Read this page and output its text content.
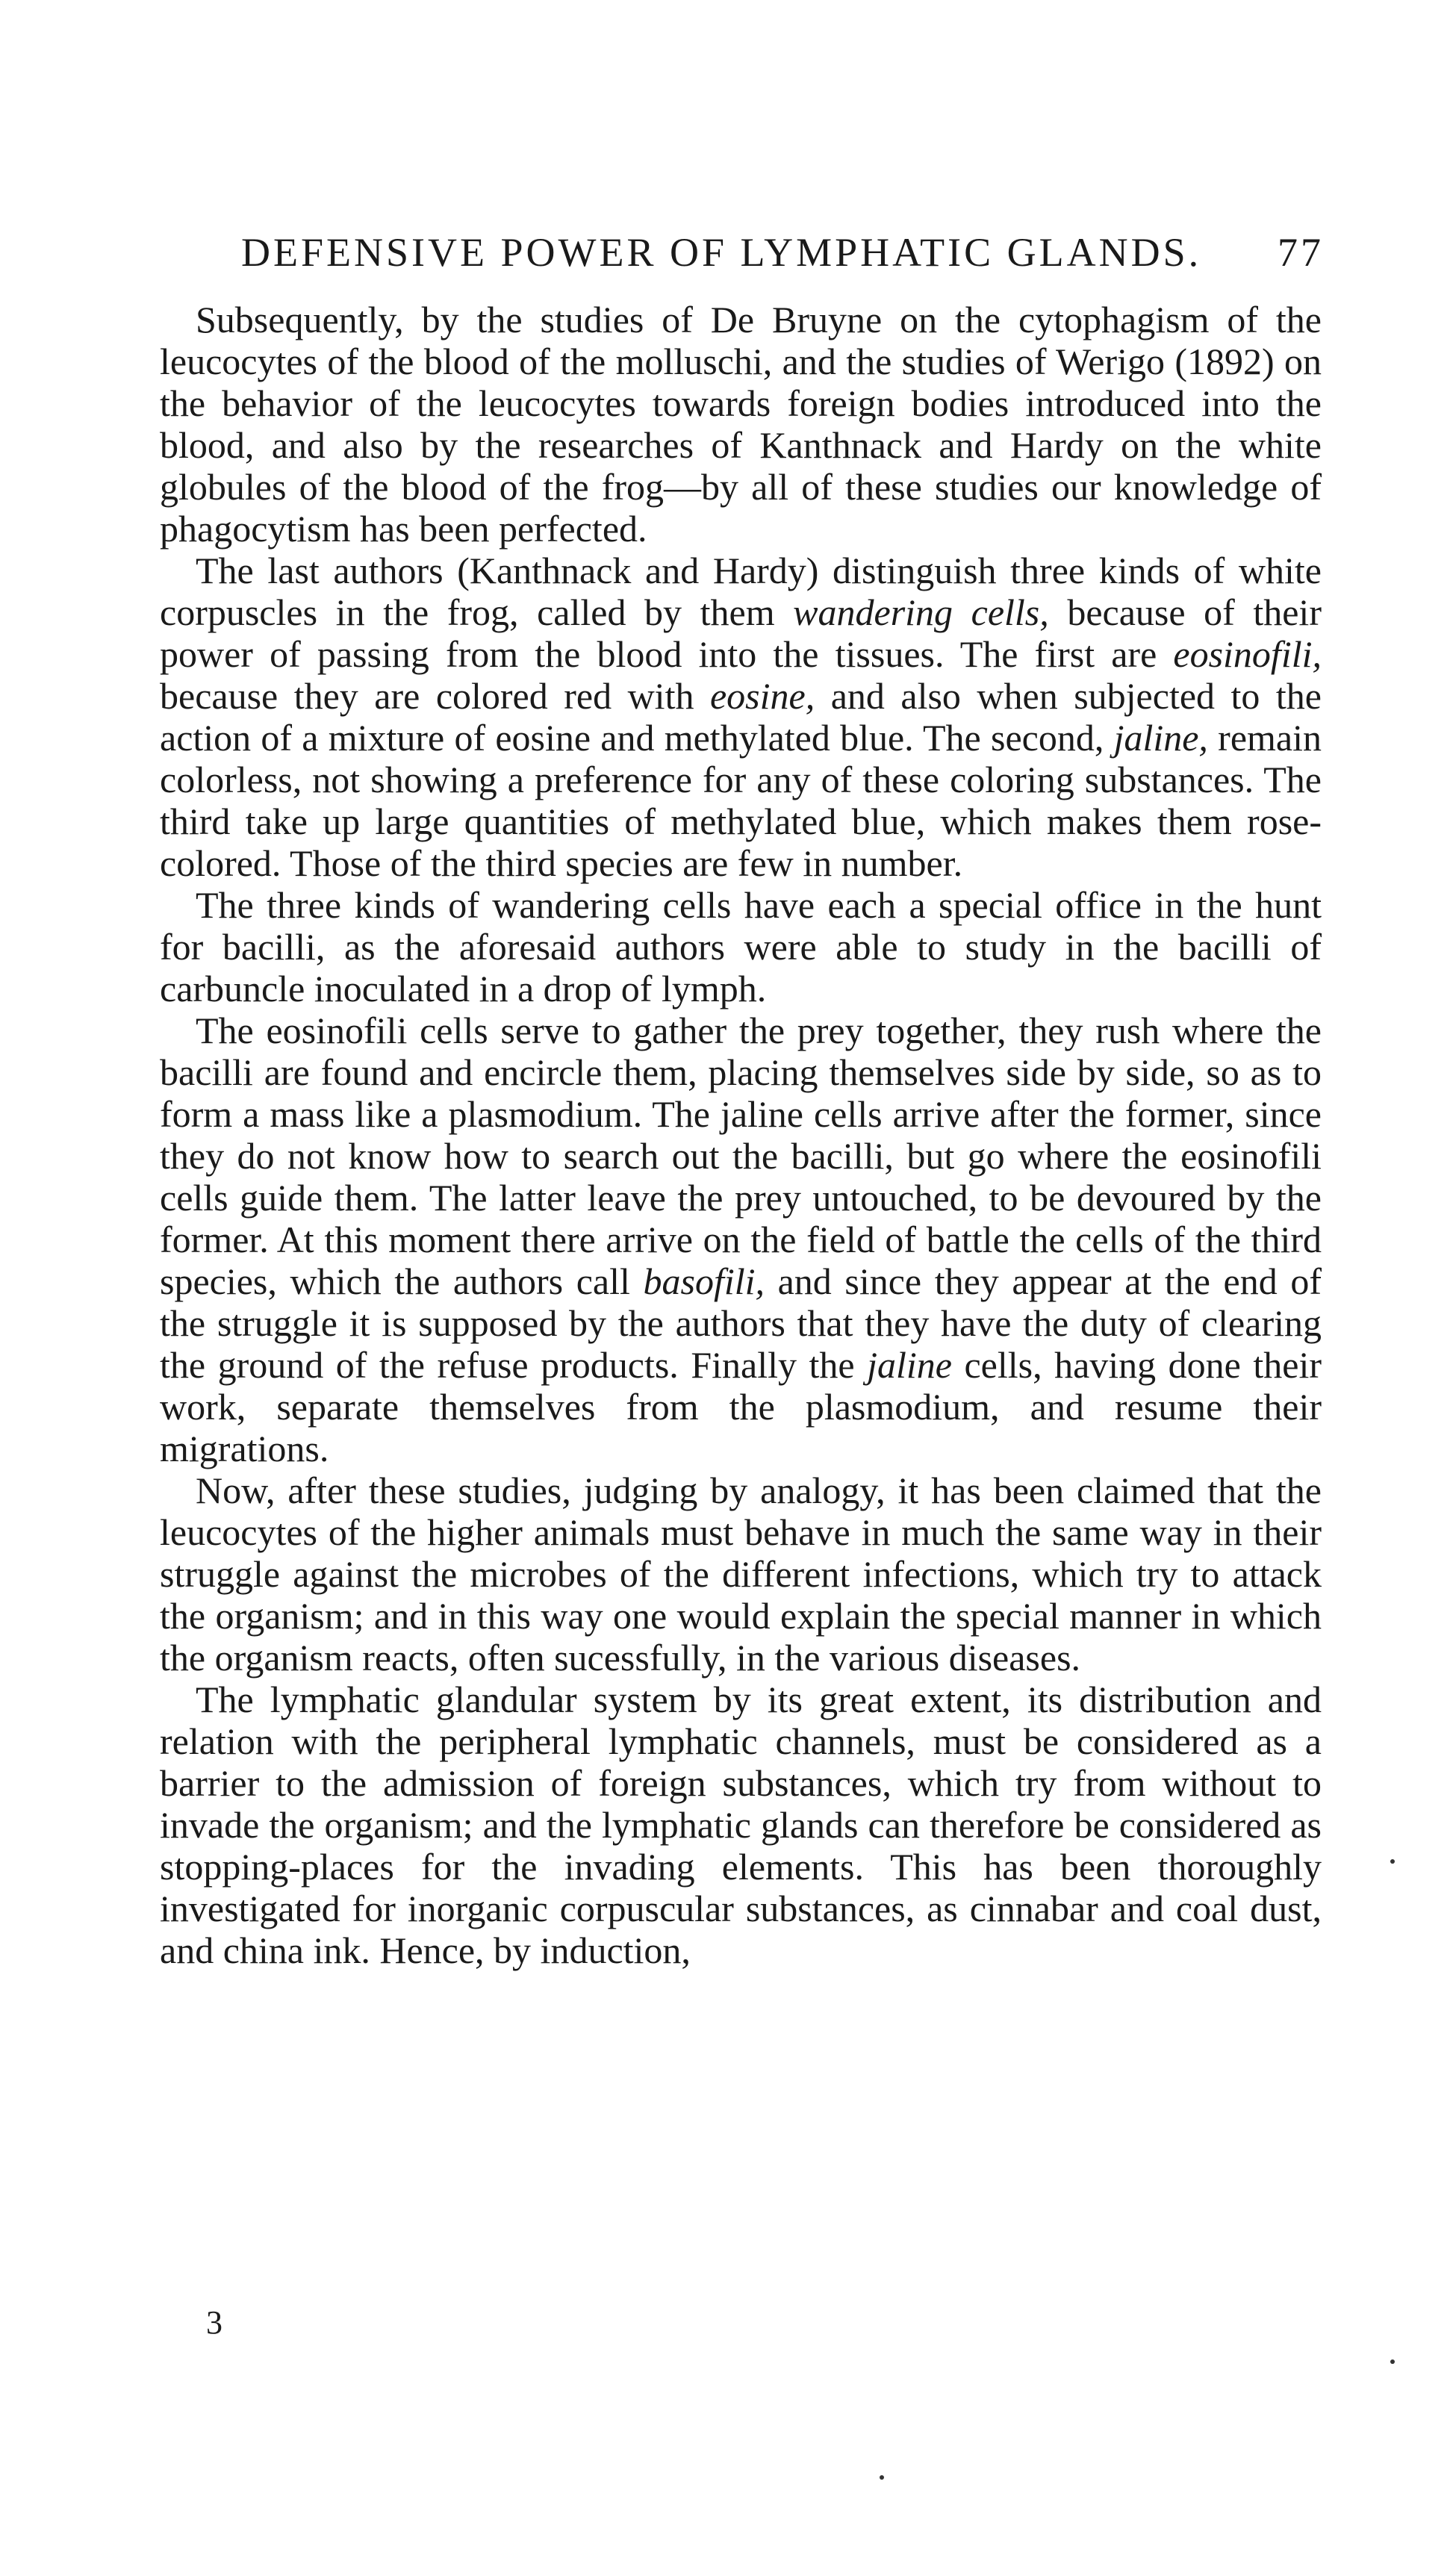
DEFENSIVE POWER OF LYMPHATIC GLANDS. 77

Subsequently, by the studies of De Bruyne on the cytophagism of the leucocytes of the blood of the molluschi, and the studies of Werigo (1892) on the behavior of the leucocytes towards foreign bodies introduced into the blood, and also by the researches of Kanthnack and Hardy on the white globules of the blood of the frog—by all of these studies our knowledge of phagocytism has been perfected.

The last authors (Kanthnack and Hardy) distinguish three kinds of white corpuscles in the frog, called by them wandering cells, because of their power of passing from the blood into the tissues. The first are eosinofili, because they are colored red with eosine, and also when subjected to the action of a mixture of eosine and methylated blue. The second, jaline, remain colorless, not showing a preference for any of these coloring substances. The third take up large quantities of methylated blue, which makes them rose-colored. Those of the third species are few in number.

The three kinds of wandering cells have each a special office in the hunt for bacilli, as the aforesaid authors were able to study in the bacilli of carbuncle inoculated in a drop of lymph.

The eosinofili cells serve to gather the prey together, they rush where the bacilli are found and encircle them, placing themselves side by side, so as to form a mass like a plasmodium. The jaline cells arrive after the former, since they do not know how to search out the bacilli, but go where the eosinofili cells guide them. The latter leave the prey untouched, to be devoured by the former. At this moment there arrive on the field of battle the cells of the third species, which the authors call basofili, and since they appear at the end of the struggle it is supposed by the authors that they have the duty of clearing the ground of the refuse products. Finally the jaline cells, having done their work, separate themselves from the plasmodium, and resume their migrations.

Now, after these studies, judging by analogy, it has been claimed that the leucocytes of the higher animals must behave in much the same way in their struggle against the microbes of the different infections, which try to attack the organism; and in this way one would explain the special manner in which the organism reacts, often sucessfully, in the various diseases.

The lymphatic glandular system by its great extent, its distribution and relation with the peripheral lymphatic channels, must be considered as a barrier to the admission of foreign substances, which try from without to invade the organism; and the lymphatic glands can therefore be considered as stopping-places for the invading elements. This has been thoroughly investigated for inorganic corpuscular substances, as cinnabar and coal dust, and china ink. Hence, by induction,

3
